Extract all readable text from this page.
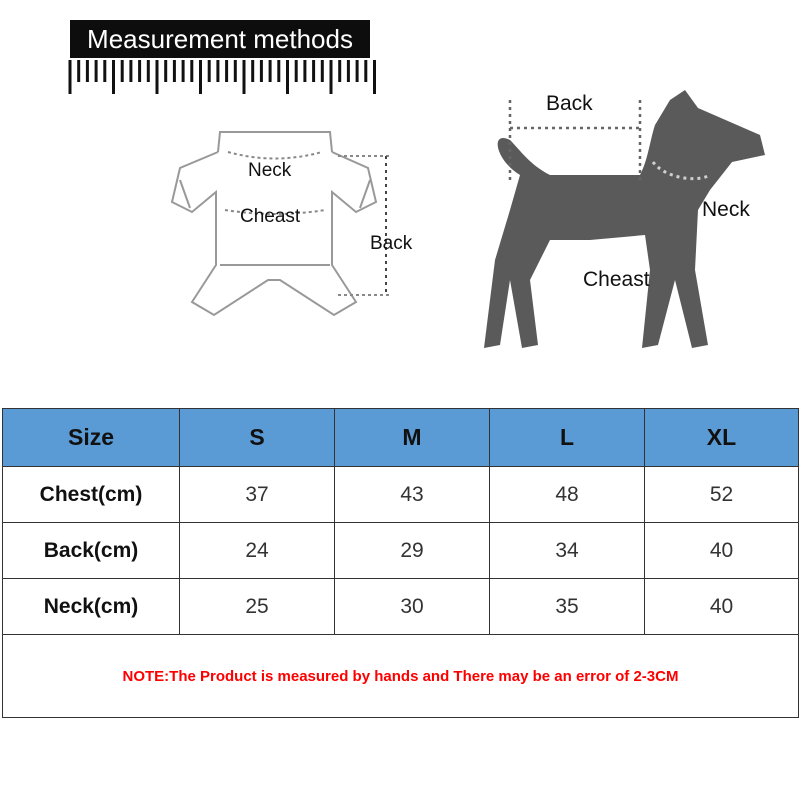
Measurement methods
Neck
Cheast
Back
Back
Neck
Cheast
Size	S	M	L	XL
Chest(cm)	37	43	48	52
Back(cm)	24	29	34	40
Neck(cm)	25	30	35	40
NOTE:The Product is measured by hands and There may be an error of 2-3CM				
